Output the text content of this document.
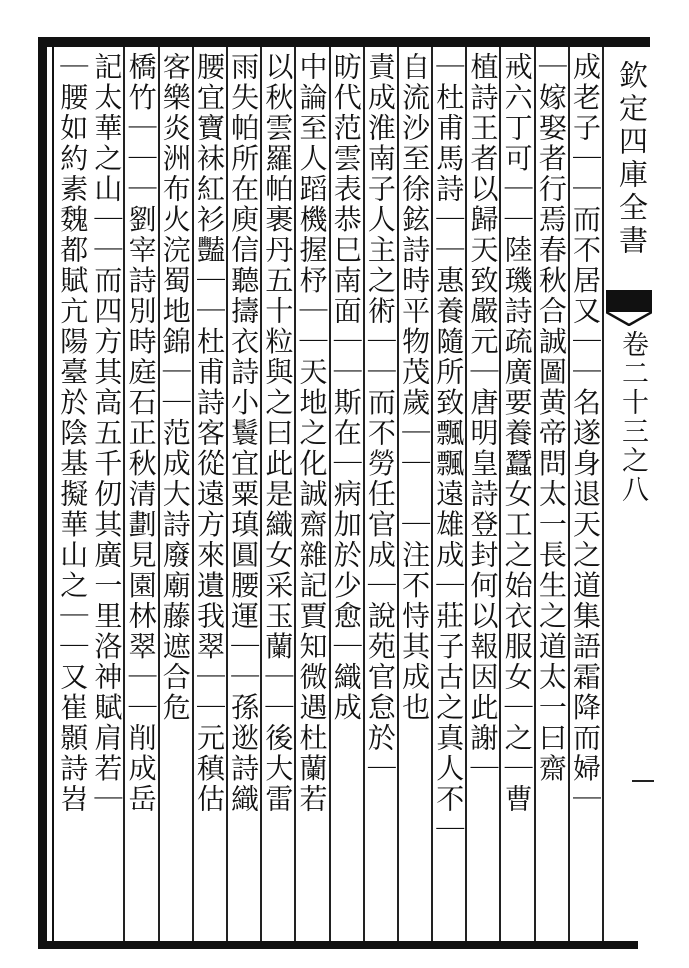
欽定四庫全書
卷二十三之八
成老子｜｜而不居又｜｜名遂身退天之道集語霜降而婦｜
｜嫁娶者行焉春秋合誠圖黄帝問太一長生之道太一曰齋
戒六丁可｜｜陸璣詩疏廣要養蠶女工之始衣服女｜之｜曹
植詩王者以歸天致嚴元｜唐明皇詩登封何以報因此謝｜
｜杜甫馬詩｜｜惠養隨所致飄飄遠雄成｜莊子古之真人不｜
自流沙至徐鉉詩時平物茂歲｜｜　｜注不恃其成也
責成淮南子人主之術｜｜而不勞任官成｜說苑官怠於｜
昉代范雲表恭巳南面｜｜斯在｜病加於少愈｜織成
中論至人蹈機握杼｜｜天地之化誠齋雜記賈知微遇杜蘭若
以秋雲羅帕裹丹五十粒與之曰此是織女采玉蘭｜｜後大雷
雨失帕所在庾信聽擣衣詩小鬟宜粟瑱圓腰運｜｜孫逖詩織
腰宜寶袜紅衫豔｜｜杜甫詩客從遠方來遺我翠｜｜元稹估
客樂炎洲布火浣蜀地錦｜｜范成大詩廢廟藤遮合危
橋竹｜｜｜劉宰詩別時庭石正秋清劃見園林翠｜｜削成岳
記太華之山｜｜而四方其高五千仞其廣一里洛神賦肩若｜
｜腰如約素魏都賦亢陽臺於陰基擬華山之｜｜又崔顥詩岧
